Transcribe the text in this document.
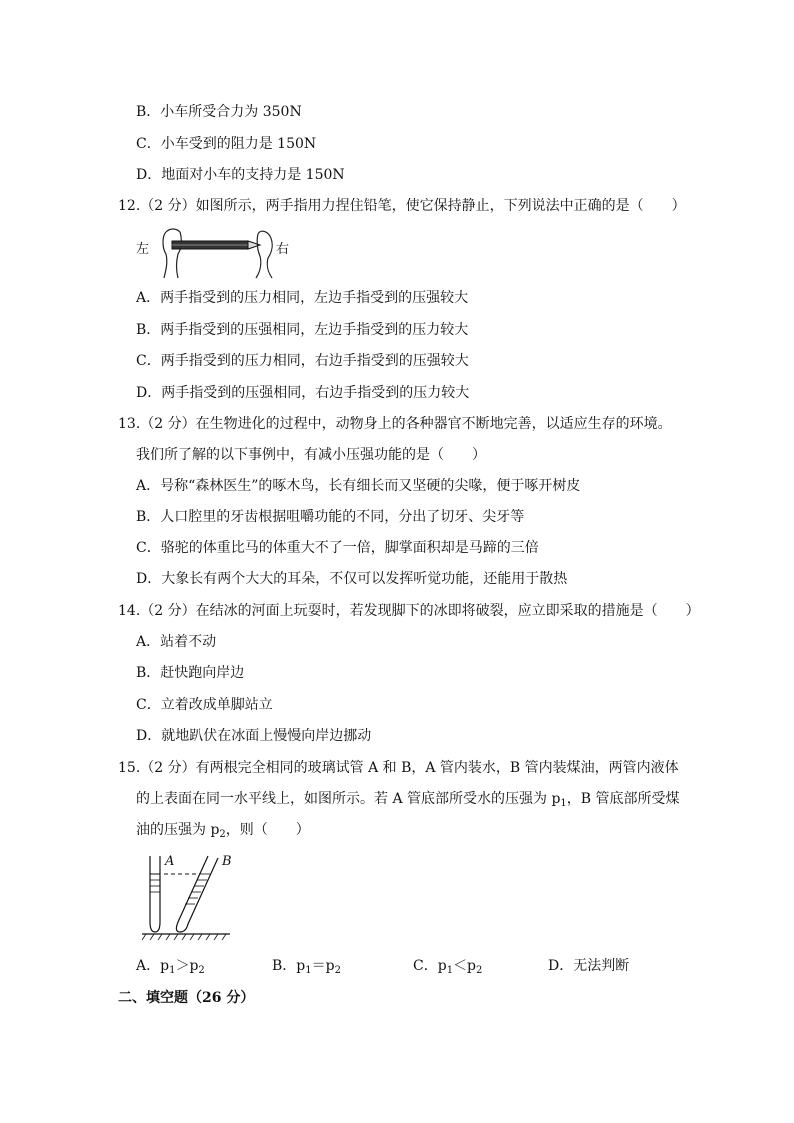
B．小车所受合力为 350N
C．小车受到的阻力是 150N
D．地面对小车的支持力是 150N
12.（2 分）如图所示，两手指用力捏住铅笔，使它保持静止，下列说法中正确的是（　　）
左	右
A．两手指受到的压力相同，左边手指受到的压强较大
B．两手指受到的压强相同，左边手指受到的压力较大
C．两手指受到的压力相同，右边手指受到的压强较大
D．两手指受到的压强相同，右边手指受到的压力较大
13.（2 分）在生物进化的过程中，动物身上的各种器官不断地完善，以适应生存的环境。
我们所了解的以下事例中，有减小压强功能的是（　　）
A．号称“森林医生”的啄木鸟，长有细长而又坚硬的尖喙，便于啄开树皮
B．人口腔里的牙齿根据咀嚼功能的不同，分出了切牙、尖牙等
C．骆驼的体重比马的体重大不了一倍，脚掌面积却是马蹄的三倍
D．大象长有两个大大的耳朵，不仅可以发挥听觉功能，还能用于散热
14.（2 分）在结冰的河面上玩耍时，若发现脚下的冰即将破裂，应立即采取的措施是（　　）
A．站着不动
B．赶快跑向岸边
C．立着改成单脚站立
D．就地趴伏在冰面上慢慢向岸边挪动
15.（2 分）有两根完全相同的玻璃试管 A 和 B，A 管内装水，B 管内装煤油，两管内液体
的上表面在同一水平线上，如图所示。若 A 管底部所受水的压强为 $p_1$，B 管底部所受煤
油的压强为 $p_2$，则（　　）
A	B
A．$p_1>p_2$	B．$p_1=p_2$	C．$p_1<p_2$	D．无法判断
二、填空题（26 分）
